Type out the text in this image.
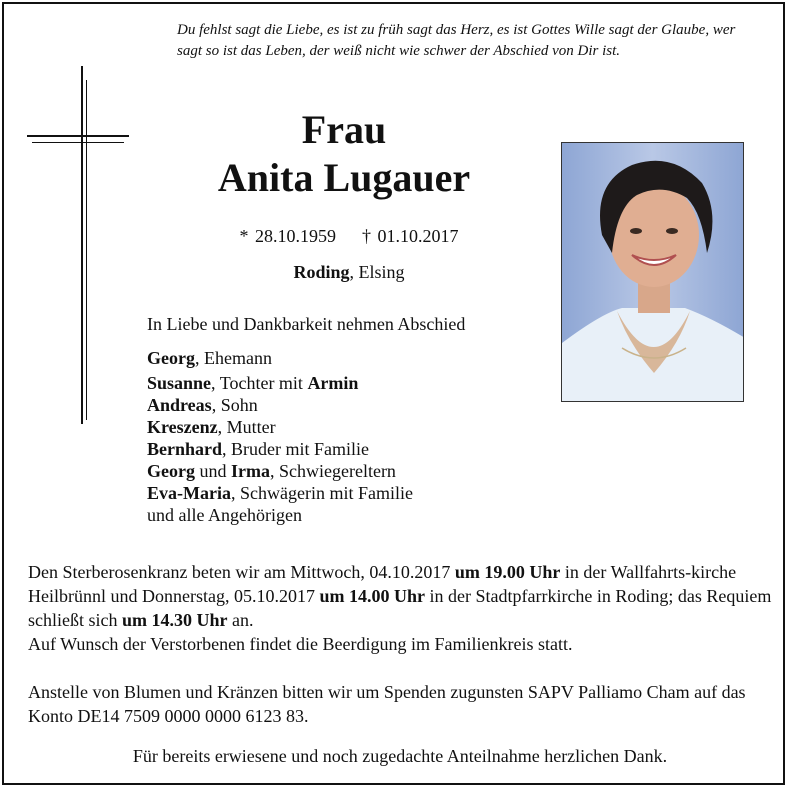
Du fehlst sagt die Liebe, es ist zu früh sagt das Herz, es ist Gottes Wille sagt der Glaube, wer sagt so ist das Leben, der weiß nicht wie schwer der Abschied von Dir ist.
Frau
Anita Lugauer
* 28.10.1959 † 01.10.2017
Roding, Elsing
In Liebe und Dankbarkeit nehmen Abschied
Georg, Ehemann
Susanne, Tochter mit Armin
Andreas, Sohn
Kreszenz, Mutter
Bernhard, Bruder mit Familie
Georg und Irma, Schwiegereltern
Eva-Maria, Schwägerin mit Familie
und alle Angehörigen
Den Sterberosenkranz beten wir am Mittwoch, 04.10.2017 um 19.00 Uhr in der Wallfahrts-kirche Heilbrünnl und Donnerstag, 05.10.2017 um 14.00 Uhr in der Stadtpfarrkirche in Roding; das Requiem schließt sich um 14.30 Uhr an.
Auf Wunsch der Verstorbenen findet die Beerdigung im Familienkreis statt.
Anstelle von Blumen und Kränzen bitten wir um Spenden zugunsten SAPV Palliamo Cham auf das Konto DE14 7509 0000 0000 6123 83.
Für bereits erwiesene und noch zugedachte Anteilnahme herzlichen Dank.
